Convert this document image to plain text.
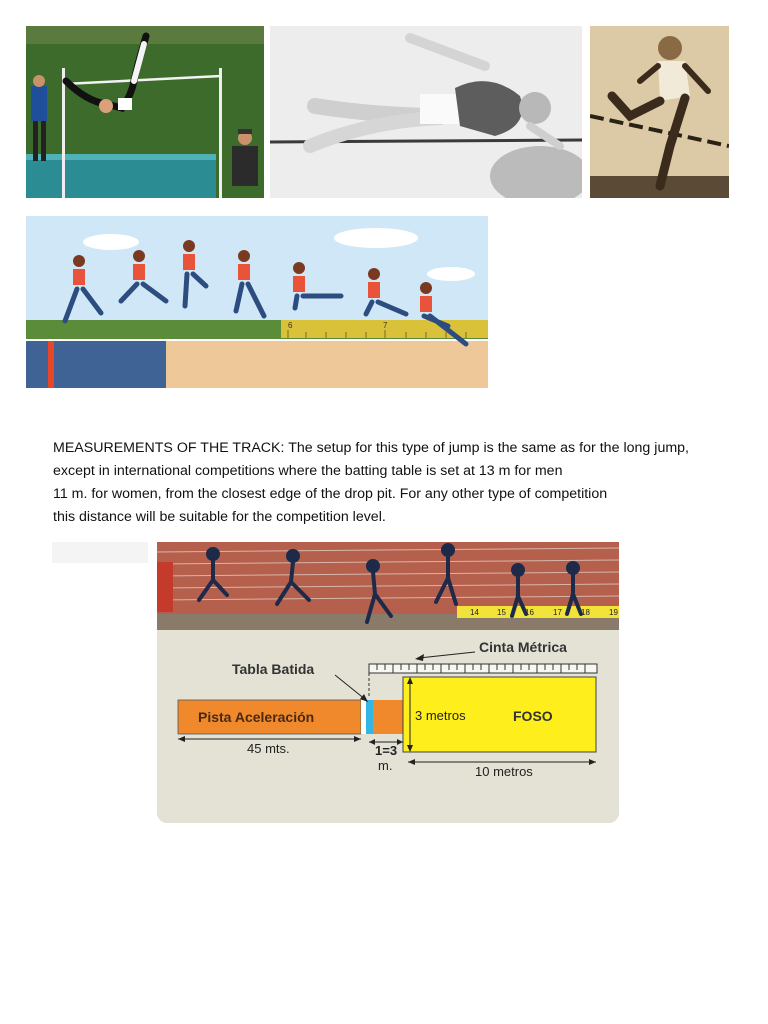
6	7

MEASUREMENTS OF THE TRACK: The setup for this type of jump is the same as for the long jump,

except in international competitions where the batting table is set at 13 m for men

11 m. for women, from the closest edge of the drop pit. For any other type of competition

this distance will be suitable for the competition level.

14 15 16 17 18 19
Cinta Métrica
Tabla Batida
Pista Aceleración	FOSO
3 metros
45 mts.	1=3
m.	10 metros
